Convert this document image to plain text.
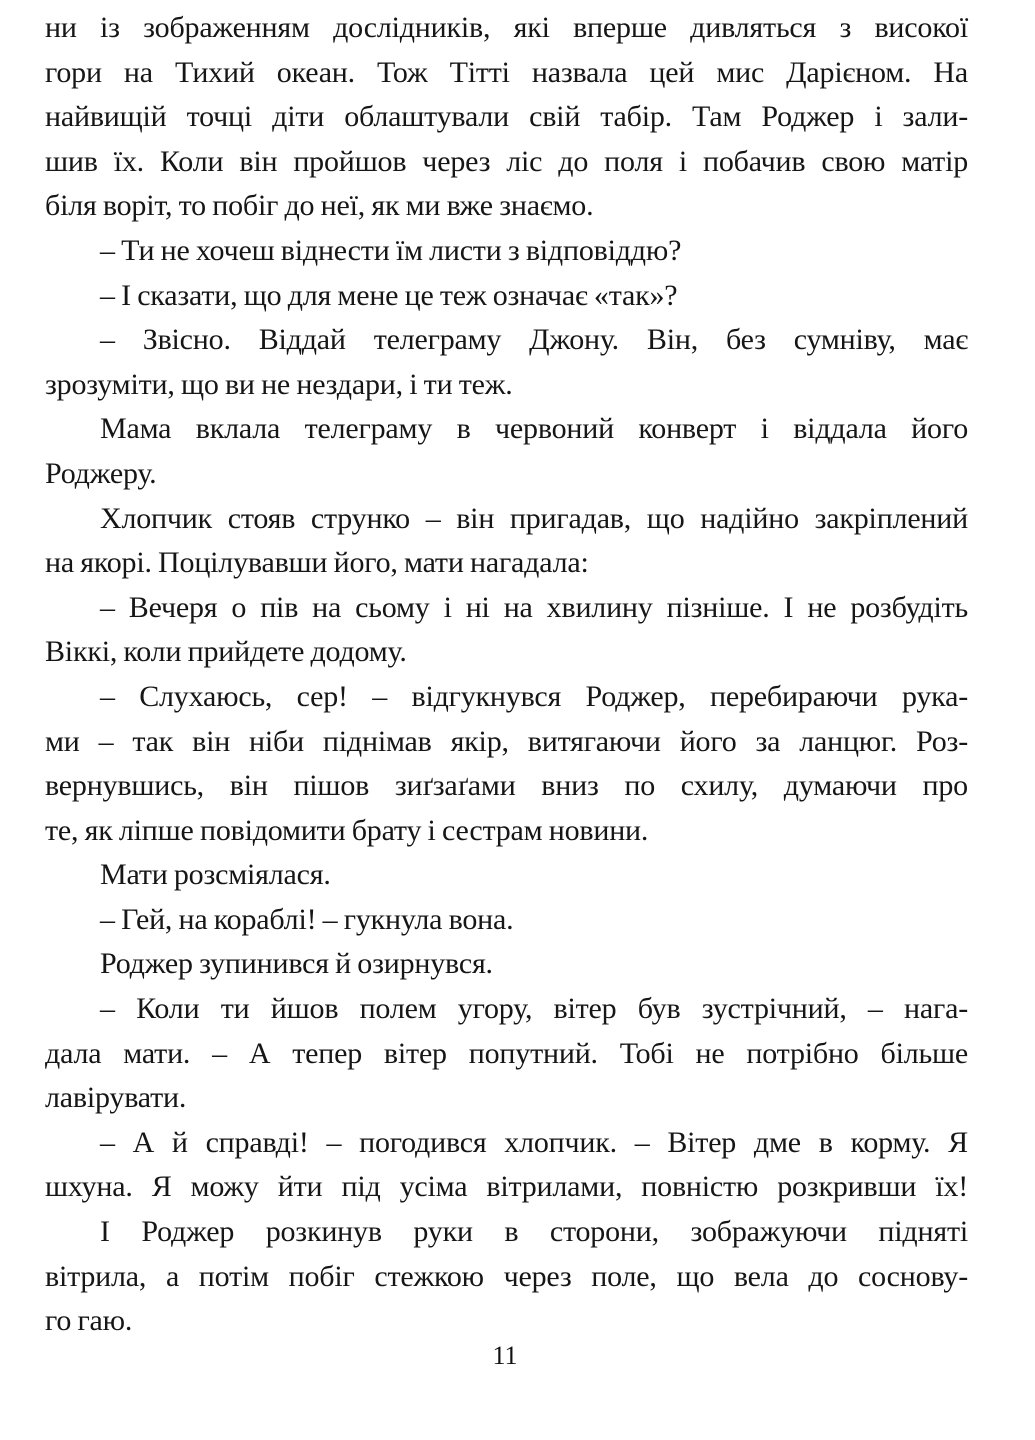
ни із зображенням дослідників, які вперше дивляться з високої
гори на Тихий океан. Тож Тітті назвала цей мис Дарієном. На
найвищій точці діти облаштували свій табір. Там Роджер і зали-
шив їх. Коли він пройшов через ліс до поля і побачив свою матір
біля воріт, то побіг до неї, як ми вже знаємо.
– Ти не хочеш віднести їм листи з відповіддю?
– І сказати, що для мене це теж означає «так»?
– Звісно. Віддай телеграму Джону. Він, без сумніву, має
зрозуміти, що ви не нездари, і ти теж.
Мама вклала телеграму в червоний конверт і віддала його
Роджеру.
Хлопчик стояв струнко – він пригадав, що надійно закріплений
на якорі. Поцілувавши його, мати нагадала:
– Вечеря о пів на сьому і ні на хвилину пізніше. І не розбудіть
Віккі, коли прийдете додому.
– Слухаюсь, сер! – відгукнувся Роджер, перебираючи рука-
ми – так він ніби піднімав якір, витягаючи його за ланцюг. Роз-
вернувшись, він пішов зиґзаґами вниз по схилу, думаючи про
те, як ліпше повідомити брату і сестрам новини.
Мати розсміялася.
– Гей, на кораблі! – гукнула вона.
Роджер зупинився й озирнувся.
– Коли ти йшов полем угору, вітер був зустрічний, – нага-
дала мати. – А тепер вітер попутний. Тобі не потрібно більше
лавірувати.
– А й справді! – погодився хлопчик. – Вітер дме в корму. Я
шхуна. Я можу йти під усіма вітрилами, повністю розкривши їх!
І Роджер розкинув руки в сторони, зображуючи підняті
вітрила, а потім побіг стежкою через поле, що вела до соснову-
го гаю.
11
